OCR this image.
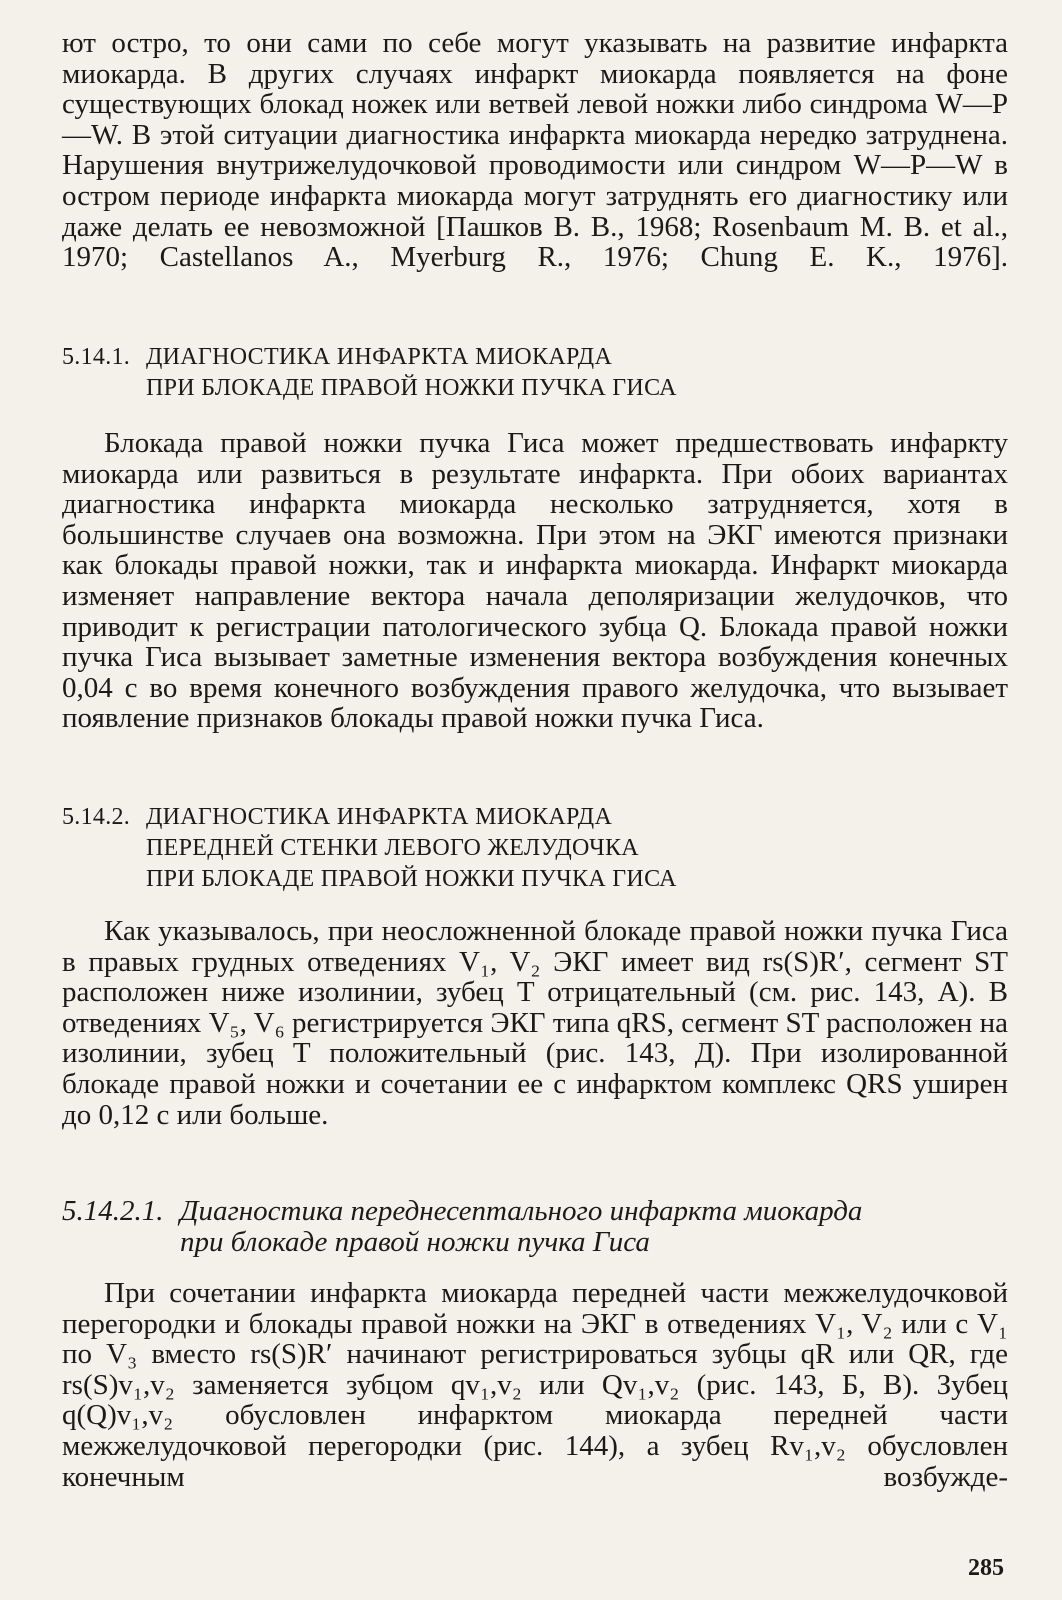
ют остро, то они сами по себе могут указывать на развитие инфаркта миокарда. В других случаях инфаркт миокарда появляется на фоне существующих блокад ножек или ветвей левой ножки либо синдрома W—P—W. В этой ситуации диагностика инфаркта миокарда нередко затруднена. Нарушения внутрижелудочковой проводимости или синдром W—P—W в остром периоде инфаркта миокарда могут затруднять его диагностику или даже делать ее невозможной [Пашков В. В., 1968; Rosenbaum M. B. et al., 1970; Castellanos A., Myerburg R., 1976; Chung E. K., 1976].

5.14.1. ДИАГНОСТИКА ИНФАРКТА МИОКАРДА
ПРИ БЛОКАДЕ ПРАВОЙ НОЖКИ ПУЧКА ГИСА

Блокада правой ножки пучка Гиса может предшествовать инфаркту миокарда или развиться в результате инфаркта. При обоих вариантах диагностика инфаркта миокарда несколько затрудняется, хотя в большинстве случаев она возможна. При этом на ЭКГ имеются признаки как блокады правой ножки, так и инфаркта миокарда. Инфаркт миокарда изменяет направление вектора начала деполяризации желудочков, что приводит к регистрации патологического зубца Q. Блокада правой ножки пучка Гиса вызывает заметные изменения вектора возбуждения конечных 0,04 с во время конечного возбуждения правого желудочка, что вызывает появление признаков блокады правой ножки пучка Гиса.

5.14.2. ДИАГНОСТИКА ИНФАРКТА МИОКАРДА
ПЕРЕДНЕЙ СТЕНКИ ЛЕВОГО ЖЕЛУДОЧКА
ПРИ БЛОКАДЕ ПРАВОЙ НОЖКИ ПУЧКА ГИСА

Как указывалось, при неосложненной блокаде правой ножки пучка Гиса в правых грудных отведениях V₁, V₂ ЭКГ имеет вид rs(S)R′, сегмент ST расположен ниже изолинии, зубец T отрицательный (см. рис. 143, А). В отведениях V₅, V₆ регистрируется ЭКГ типа qRS, сегмент ST расположен на изолинии, зубец T положительный (рис. 143, Д). При изолированной блокаде правой ножки и сочетании ее с инфарктом комплекс QRS уширен до 0,12 с или больше.

5.14.2.1. Диагностика переднесептального инфаркта миокарда
при блокаде правой ножки пучка Гиса

При сочетании инфаркта миокарда передней части межжелудочковой перегородки и блокады правой ножки на ЭКГ в отведениях V₁, V₂ или с V₁ по V₃ вместо rs(S)R′ начинают регистрироваться зубцы qR или QR, где rs(S)v₁,v₂ заменяется зубцом qv₁,v₂ или Qv₁,v₂ (рис. 143, Б, В). Зубец q(Q)v₁,v₂ обусловлен инфарктом миокарда передней части межжелудочковой перегородки (рис. 144), а зубец Rv₁,v₂ обусловлен конечным возбужде-

285
